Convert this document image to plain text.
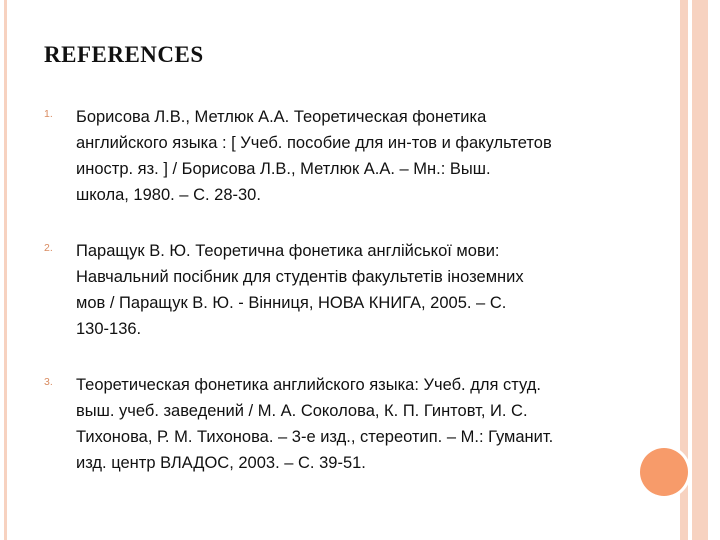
REFERENCES
1. Борисова Л.В., Метлюк А.А. Теоретическая фонетика
английского языка : [ Учеб. пособие для ин-тов и факультетов
иностр. яз. ] / Борисова Л.В., Метлюк А.А. – Мн.: Выш.
школа, 1980. – С. 28-30.
2. Паращук В. Ю. Теоретична фонетика англійської мови:
Навчальний посібник для студентів факультетів іноземних
мов / Паращук В. Ю. - Вінниця, НОВА КНИГА, 2005. – С.
130-136.
3. Теоретическая фонетика английского языка: Учеб. для студ.
выш. учеб. заведений / М. А. Соколова, К. П. Гинтовт, И. С.
Тихонова, Р. М. Тихонова. – 3-е изд., стереотип. – М.: Гуманит.
изд. центр ВЛАДОС, 2003. – С. 39-51.
